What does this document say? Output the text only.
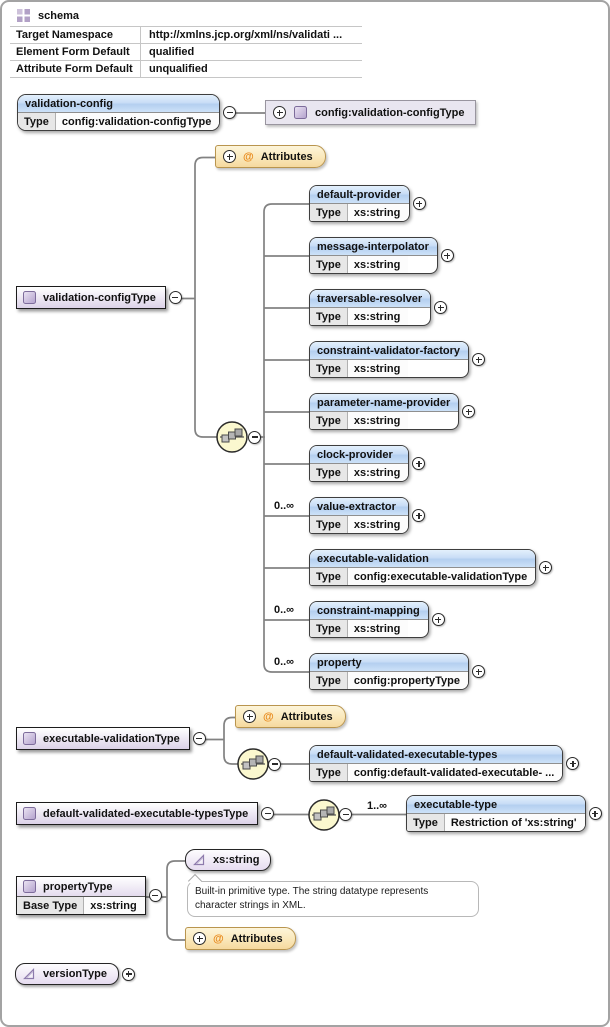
schema
Target Namespace	http://xmlns.jcp.org/xml/ns/validati ...
Element Form Default	qualified
Attribute Form Default	unqualified
validation-config
Type	config:validation-configType
config:validation-configType
@ Attributes
validation-configType
default-provider
Type	xs:string
message-interpolator
Type	xs:string
traversable-resolver
Type	xs:string
constraint-validator-factory
Type	xs:string
parameter-name-provider
Type	xs:string
clock-provider
Type	xs:string
0..∞	value-extractor
Type	xs:string
executable-validation
Type	config:executable-validationType
0..∞	constraint-mapping
Type	xs:string
0..∞	property
Type	config:propertyType
executable-validationType
@ Attributes
default-validated-executable-types
Type	config:default-validated-executable- ...
default-validated-executable-typesType
1..∞	executable-type
Type	Restriction of 'xs:string'
propertyType
Base Type	xs:string
xs:string
Built-in primitive type. The string datatype represents character strings in XML.
@ Attributes
versionType
